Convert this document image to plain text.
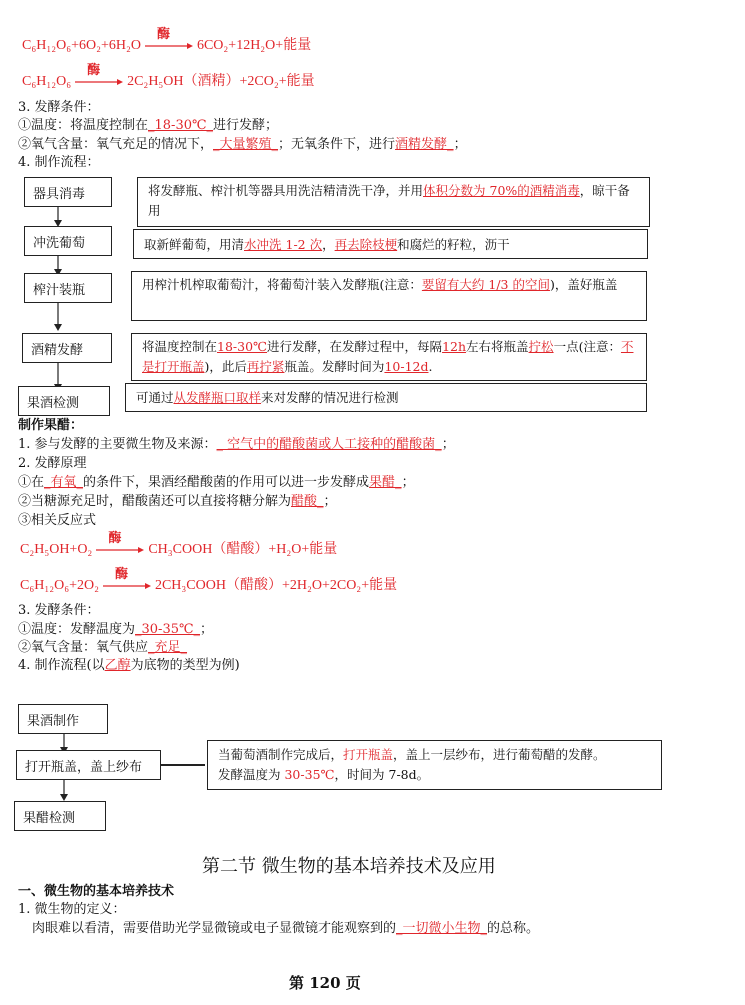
C₆H₁₂O₆+6O₂+6H₂O
酶
6CO₂+12H₂O+能量
C₆H₁₂O₆
酶
2C₂H₅OH（酒精）+2CO₂+能量
3. 发酵条件：
①温度：将温度控制在_18-30℃_进行发酵；
②氧气含量：氧气充足的情况下，_大量繁殖_；无氧条件下，进行酒精发酵_；
4. 制作流程：
器具消毒
冲洗葡萄
榨汁装瓶
酒精发酵
果酒检测
将发酵瓶、榨汁机等器具用洗洁精清洗干净，并用体积分数为 70%的酒精消毒，晾干备用
取新鲜葡萄，用清水冲洗 1-2 次，再去除枝梗和腐烂的籽粒，沥干
用榨汁机榨取葡萄汁，将葡萄汁装入发酵瓶(注意：要留有大约 1/3 的空间)，盖好瓶盖
将温度控制在18-30℃进行发酵，在发酵过程中，每隔12h左右将瓶盖拧松一点(注意：不是打开瓶盖)，此后再拧紧瓶盖。发酵时间为10-12d.
可通过从发酵瓶口取样来对发酵的情况进行检测
制作果醋：
1. 参与发酵的主要微生物及来源：_ 空气中的醋酸菌或人工接种的醋酸菌_；
2. 发酵原理
①在_有氧_的条件下，果酒经醋酸菌的作用可以进一步发酵成果醋_；
②当糖源充足时，醋酸菌还可以直接将糖分解为醋酸_；
③相关反应式
C₂H₅OH+O₂
酶
CH₃COOH（醋酸）+H₂O+能量
C₆H₁₂O₆+2O₂
酶
2CH₃COOH（醋酸）+2H₂O+2CO₂+能量
3. 发酵条件：
①温度：发酵温度为_30-35℃_；
②氧气含量：氧气供应_充足_
4. 制作流程(以乙醇为底物的类型为例)
果酒制作
打开瓶盖，盖上纱布
果醋检测
当葡萄酒制作完成后，打开瓶盖，盖上一层纱布，进行葡萄醋的发酵。
发酵温度为 30-35℃，时间为 7-8d。
第二节 微生物的基本培养技术及应用
一、微生物的基本培养技术
1. 微生物的定义：
肉眼难以看清，需要借助光学显微镜或电子显微镜才能观察到的_一切微小生物_的总称。
第 120 页
